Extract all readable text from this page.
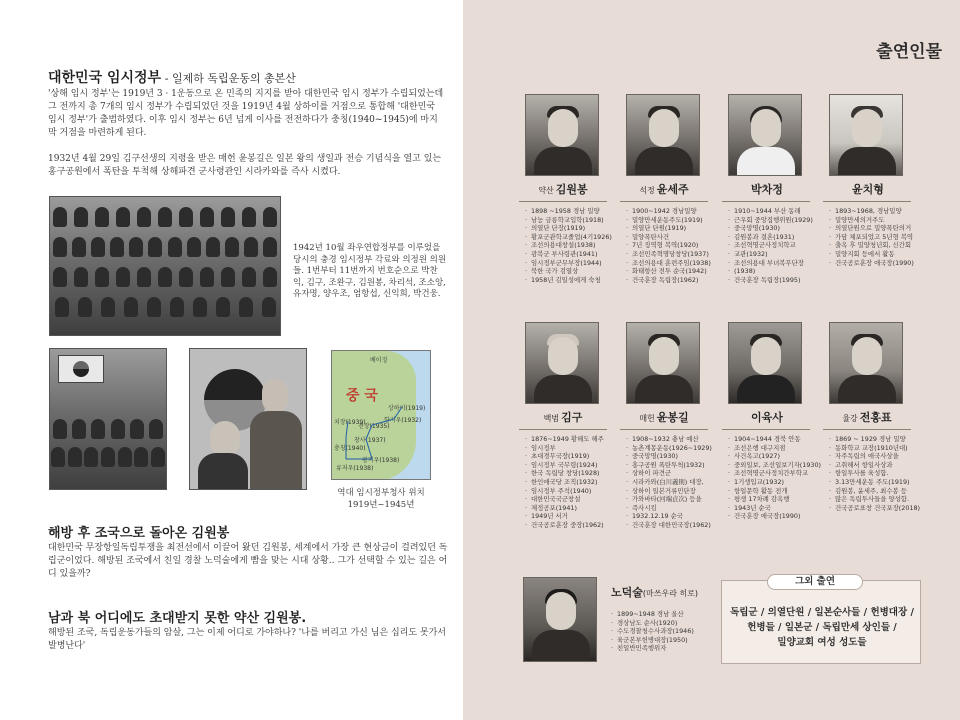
대한민국 임시정부 - 일제하 독립운동의 총본산

'상해 임시 정부'는 1919년 3 · 1운동으로 온 민족의 지지를 받아 대한민국 임시 정부가 수립되었는데 그 전까지 총 7개의 임시 정부가 수립되었던 것을 1919년 4월 상하이를 거점으로 통합해 '대한민국 임시 정부'가 출범하였다. 이후 임시 정부는 6년 넘게 이사를 전전하다가 충칭(1940~1945)에 마지막 거점을 마련하게 된다.

1932년 4월 29일 김구선생의 지령을 받은 매헌 윤봉길은 일본 왕의 생일과 전승 기념식을 열고 있는 홍구공원에서 폭탄을 투척해 상해파견 군사령관인 시라카와를 즉사 시켰다.

1942년 10월 좌우연합정부를 이루었을 당시의 충경 임시정부 각료와 의정원 의원들. 1번부터 11번까지 번호순으로 박찬익, 김구, 조완구, 김원봉, 차리석, 조소앙, 유자명, 양우조, 엄항섭, 신익희, 박건웅.

베이징
중 국
상하이(1919)
항저우(1932)
전장(1935)
창사(1937)
광저우(1938)
류저우(1938)
치장(1939)
충칭(1940)
역대 임시정부청사 위치
1919년~1945년
해방 후 조국으로 돌아온 김원봉

대한민국 무장항일독립투쟁을 최전선에서 이끌어 왔던 김원봉, 세계에서 가장 큰 현상금이 걸려있던 독립군이었다. 해방된 조국에서 친일 경찰 노덕술에게 빰을 맞는 시대 상황.. 그가 선택할 수 있는 길은 어디 있을까?

남과 북 어디에도 초대받지 못한 약산 김원봉.

해방된 조국, 독립운동가들의 암살, 그는 이제 어디로 가야하나? '나를 버리고 가신 님은 십리도 못가서 발병난다'

출연인물
약산 김원봉
· 1898 ~1958 경남 밀양
· 남능 금릉학교입학(1918)
· 의열단 단장(1919)
· 황포군관학교졸업(4기1926)
· 조선의용대창설(1938)
· 광복군 부사령관(1941)
· 임시정부군무부장(1944)
· 북한 국가 검열상
· 1958년 김일성에게 숙청
석정 윤세주
· 1900~1942 경남밀양
· 밀양만세운동주도(1919)
· 의열단 단원(1919)
· 밀양폭탄사건
· 7년 징역형 복역(1920)
· 조선민족혁명당창당(1937)
· 조선의용대 훈련주임(1938)
· 화태항산 전투 순국(1942)
· 건국훈장 독립장(1962)
박차정
· 1910~1944 부산 동래
· 근우회 중앙집행위원(1929)
· 중국망명(1930)
· 김원봉과 결혼(1931)
· 조선혁명군사정치학교
· 교관(1932)
· 조선의용대 부녀복무단장
· (1938)
· 건국훈장 독립장(1995)
윤치형
· 1893~1968, 경남밀양
· 밀양만세의거주도
· 의열단원으로 밀양폭탄의거
· 가담 체포되었고 5년형 복역
· 출옥 후 밀양청년회, 신간회
· 밀양지회 등에서 활동
· 건국공로훈장 애국장(1990)
백범 김구
· 1876~1949 황해도 해주
· 임시정부
· 초대경무국장(1919)
· 임시정부 국무령(1924)
· 한국 독립당 창당(1928)
· 한인애국당 조직(1932)
· 임시정부 주석(1940)
· 대한민국국군창설
· 제정공포(1941)
· 1949년 서거
· 건국공로훈장 중장(1962)
매헌 윤봉길
· 1908~1932 충남 예산
· 농촌계몽운동(1926~1929)
· 중국망명(1930)
· 홍구공원 폭탄투척(1932)
· 상하이 파견군
· 시라카와(白川義則) 대장,
· 상하이 일본거류민단장
· 가와바타(河端貞次) 등을
· 즉사시킴
· 1932.12.19 순국
· 건국훈장 대한민국장(1962)
이육사
· 1904~1944 경북 안동
· 조선은행 대구지점
· 사건옥고(1927)
· 중외일보, 조선일보기자(1930)
· 조선혁명군사정치간부학교
· 1기생입교(1932)
· 항일문학 활동 전개
· 평생 17차례 감옥행
· 1943년 순국
· 건국훈장 애국장(1990)
율강 전홍표
· 1869 ~ 1929 경남 밀양
· 동화학교 교장(1910년대)
· 자주독립의 애국사상을
· 고취해서 항일사상과
· 항일투사를 육성함.
· 3.13만세운동 주도(1919)
· 김원봉, 윤세주, 최수봉 등
· 많은 독립투사들을 양성함.
· 건국공로표창 건국포장(2018)
노덕술(마쓰우라 히로)
· 1899~1948 경남 울산
· 경상남도 순사(1920)
· 수도경찰청수사과장(1946)
· 육군본부헌병대장(1950)
· 친일반민족행위자
그외 출연
독립군 / 의열단원 / 일본순사들 / 헌병대장 /
헌병들 / 일본군 / 독립만세 상인들 /
밀양교회 여성 성도들
